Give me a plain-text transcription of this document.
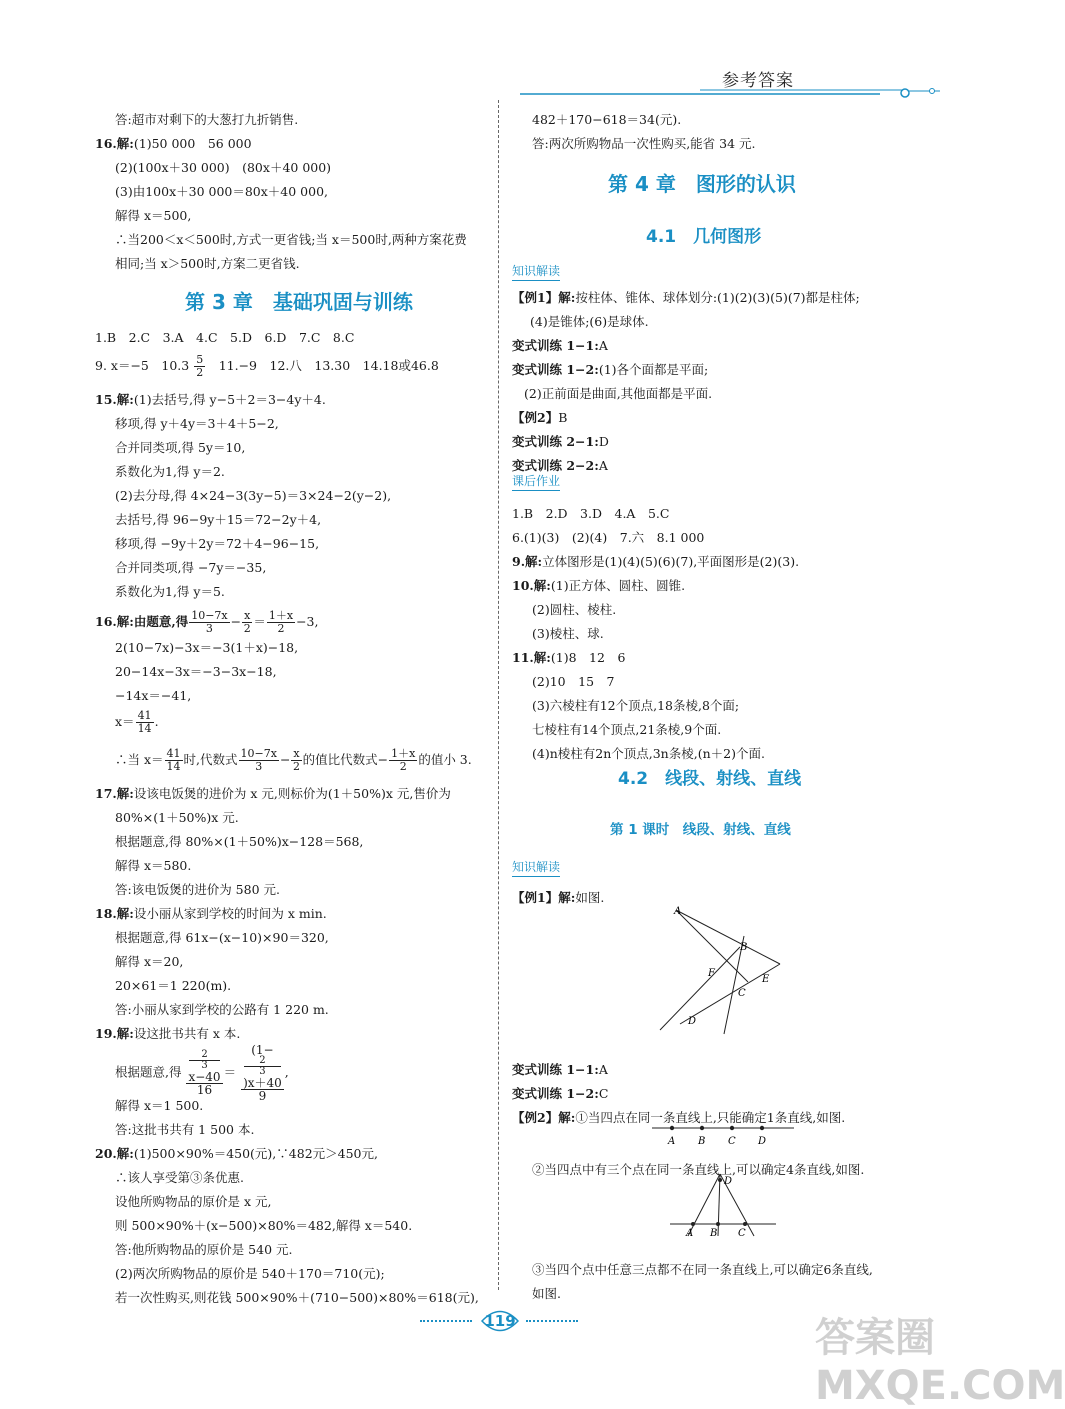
参考答案
第 3 章　基础巩固与训练
9. x＝−5　$10.3 \frac{5}{2}$ 　11.−9　12.八　13.30　14.18或46.8
16.解:由题意,得 $\frac{10-7x}{3} - \frac{x}{2} = \frac{1+x}{2} -3$,
$x= \frac{41}{14}$ .
∴当 $x= \frac{41}{14}$ 时,代数式 $\frac{10-7x}{3} - \frac{x}{2}$ 的值比代数式− $\frac{1+x}{2}$ 的值小 3.
根据题意,得 2
3
x−40
16 ＝ (1−
2
3
)x＋40
9 ,
答:超市对剩下的大葱打九折销售.
16.解:(1)50 000　56 000
(2)(100x＋30 000)　(80x＋40 000)
(3)由100x＋30 000＝80x＋40 000,
解得 x＝500,
∴当200＜x＜500时,方式一更省钱;当 x＝500时,两种方案花费
相同;当 x＞500时,方案二更省钱.
1.B　2.C　3.A　4.C　5.D　6.D　7.C　8.C
15.解:(1)去括号,得 y−5＋2＝3−4y＋4.
移项,得 y＋4y＝3＋4＋5−2,
合并同类项,得 5y＝10,
系数化为1,得 y＝2.
(2)去分母,得 4×24−3(3y−5)＝3×24−2(y−2),
去括号,得 96−9y＋15＝72−2y＋4,
移项,得 −9y＋2y＝72＋4−96−15,
合并同类项,得 −7y＝−35,
系数化为1,得 y＝5.
2(10−7x)−3x＝−3(1＋x)−18,
20−14x−3x＝−3−3x−18,
−14x＝−41,
17.解:设该电饭煲的进价为 x 元,则标价为(1＋50%)x 元,售价为
80%×(1＋50%)x 元.
根据题意,得 80%×(1＋50%)x−128＝568,
解得 x＝580.
答:该电饭煲的进价为 580 元.
18.解:设小丽从家到学校的时间为 x min.
根据题意,得 61x−(x−10)×90＝320,
解得 x＝20,
20×61＝1 220(m).
答:小丽从家到学校的公路有 1 220 m.
19.解:设这批书共有 x 本.
解得 x＝1 500.
答:这批书共有 1 500 本.
20.解:(1)500×90%＝450(元),∵482元＞450元,
∴该人享受第③条优惠.
设他所购物品的原价是 x 元,
则 500×90%＋(x−500)×80%＝482,解得 x＝540.
答:他所购物品的原价是 540 元.
(2)两次所购物品的原价是 540＋170＝710(元);
若一次性购买,则花钱 500×90%＋(710−500)×80%＝618(元),
第 4 章　图形的认识
4.1　几何图形
知识解读
课后作业
4.2　线段、射线、直线
第 1 课时　线段、射线、直线
知识解读
A
B
C
D
E
F
A B C D
D
A B C
482＋170−618＝34(元).
答:两次所购物品一次性购买,能省 34 元.
【例1】解:按柱体、锥体、球体划分:(1)(2)(3)(5)(7)都是柱体;
(4)是锥体;(6)是球体.
变式训练 1−1:A
变式训练 1−2:(1)各个面都是平面;
(2)正前面是曲面,其他面都是平面.
【例2】B
变式训练 2−1:D
变式训练 2−2:A
1.B　2.D　3.D　4.A　5.C
6.(1)(3)　(2)(4)　7.六　8.1 000
9.解:立体图形是(1)(4)(5)(6)(7),平面图形是(2)(3).
10.解:(1)正方体、圆柱、圆锥.
(2)圆柱、棱柱.
(3)棱柱、球.
11.解:(1)8　12　6
(2)10　15　7
(3)六棱柱有12个顶点,18条棱,8个面;
七棱柱有14个顶点,21条棱,9个面.
(4)n棱柱有2n个顶点,3n条棱,(n＋2)个面.
【例1】解:如图.
变式训练 1−1:A
变式训练 1−2:C
【例2】解:①当四点在同一条直线上,只能确定1条直线,如图.
②当四点中有三个点在同一条直线上,可以确定4条直线,如图.
③当四个点中任意三点都不在同一条直线上,可以确定6条直线,
如图.
119	答案圈 MXQE.COM
